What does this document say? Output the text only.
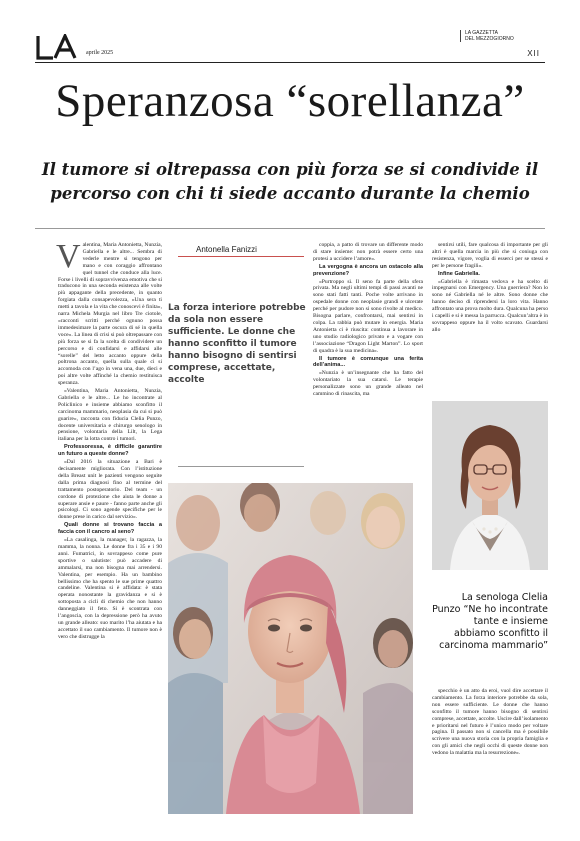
aprile 2025
LA GAZZETTA
DEL MEZZOGIORNO
XII
Speranzosa “sorellanza”
Il tumore si oltrepassa con più forza se si condivide il percorso con chi ti siede accanto durante la chemio

Valentina, Maria Antonietta, Nunzia, Gabriella e le altre... Sembra di vederle mentre si tengono per mano e con coraggio affrontano quel tunnel che conduce alla luce. Forse i livelli di sopravvivenza emotiva che si traducono in una seconda esistenza alle volte più appagante della precedente, in quanto forgiata dalla consapevolezza, «Una sera ti metti a tavola e la vita che conoscevi è finita», narra Michela Murgia nel libro Tre ciotole, «racconti scritti perché ognuno possa immedesimare la parte oscura di sé in quella voce». La linea di crisi si può oltrepassare con più forza se si fa la scelta di condividere un percorso e di confidarsi e affidarsi alle “sorelle” del letto accanto oppure della poltrona accanto, quella sulla quale ci si accomoda con l’ago in vena una, due, dieci e poi altre volte affinché la chemio restituisca speranza.

«Valentina, Maria Antonietta, Nunzia, Gabriella e le altre... Le ho incontrate al Policlinico e insieme abbiamo sconfitto il carcinoma mammario, neoplasia da cui si può guarire», racconta con fiducia Clelia Punzo, docente universitaria e chirurgo senologo in pensione, volontaria della Lilt, la Lega italiana per la lotta contro i tumori.

Professoressa, è difficile garantire un futuro a queste donne?

«Dal 2016 la situazione a Bari è decisamente migliorata. Con l’istituzione della Breast unit le pazienti vengono seguite dalla prima diagnosi fino al termine del trattamento postoperatorio. Del team - un cordone di protezione che aiuta le donne a superare ansie e paure - fanno parte anche gli psicologi. Ci sono agende specifiche per le donne prese in carico dal servizio».

Quali donne si trovano faccia a faccia con il cancro al seno?

«La casalinga, la manager, la ragazza, la mamma, la nonna. Le donne fra i 35 e i 90 anni. Fumatrici, in sovrappeso come pure sportive o salutiste: può accadere di ammalarsi, ma non bisogna mai arrendersi. Valentina, per esempio. Ha un bambino bellissimo che ha spento le sue prime quattro candeline. Valentina si è affidata: è stata operata nonostante la gravidanza e si è sottoposta a cicli di chemio che non hanno danneggiato il feto. Si è scontrata con l’angoscia, con la depressione però ha avuto un grande alleato: suo marito l’ha aiutata e ha accettato il suo cambiamento. Il tumore non è vero che distrugge la

Antonella Fanizzi
La forza interiore potrebbe da sola non essere sufficiente. Le donne che hanno sconfitto il tumore hanno bisogno di sentirsi comprese, accettate, accolte
La senologa Clelia Punzo “Ne ho incontrate tante e insieme abbiamo sconfitto il carcinoma mammario”

coppia, a patto di trovare un differente modo di stare insieme: non potrà essere certo una protesi a uccidere l’amore».

La vergogna è ancora un ostacolo alla prevenzione?

«Purtroppo sì. Il seno fa parte della sfera privata. Ma negli ultimi tempi di passi avanti ne sono stati fatti tanti. Poche volte arrivano in ospedale donne con neoplasie grandi e ulcerate perché per pudore non si sono rivolte al medico. Bisogna parlare, confrontarsi, mai sentirsi in colpa. La rabbia può mutare in energia. Maria Antonietta ci è riuscita: continua a lavorare in uno studio radiologico privato e a vogare con l’associazione “Dragon Light Marton”. Lo sport di quadra è la sua medicina».

Il tumore è comunque una ferita dell’anima...

«Nunzia è un’insegnante che ha fatto del volontariato la sua catarsi. Le terapie personalizzate sono un grande alleato nel cammino di rinascita, ma

sentirsi utili, fare qualcosa di importante per gli altri è quella marcia in più che si coniuga con resistenza, vigore, voglia di esserci per se stessi e per le persone fragili».

Infine Gabriella.

«Gabriella è rimasta vedova e ha scelto di impegnarsi con Emergency. Una guerriera? Non lo sono né Gabriella né le altre. Sono donne che hanno deciso di riprendersi la loro vita. Hanno affrontato una prova molto dura. Qualcuna ha perso i capelli e si è messa la parrucca. Qualcun’altra è in sovrappeso oppure ha il volto scavato. Guardarsi allo

specchio è un atto da eroi, vuol dire accettare il cambiamento. La forza interiore potrebbe da sola, non essere sufficiente. Le donne che hanno sconfitto il tumore hanno bisogno di sentirsi comprese, accettate, accolte. Uscire dall’isolamento e prioritarsi nel futuro è l’unico modo per voltare pagina. Il passato non si cancella ma è possibile scrivere una nuova storia con la propria famiglia e con gli amici che negli occhi di queste donne non vedono la malattia ma la resurrezione».
